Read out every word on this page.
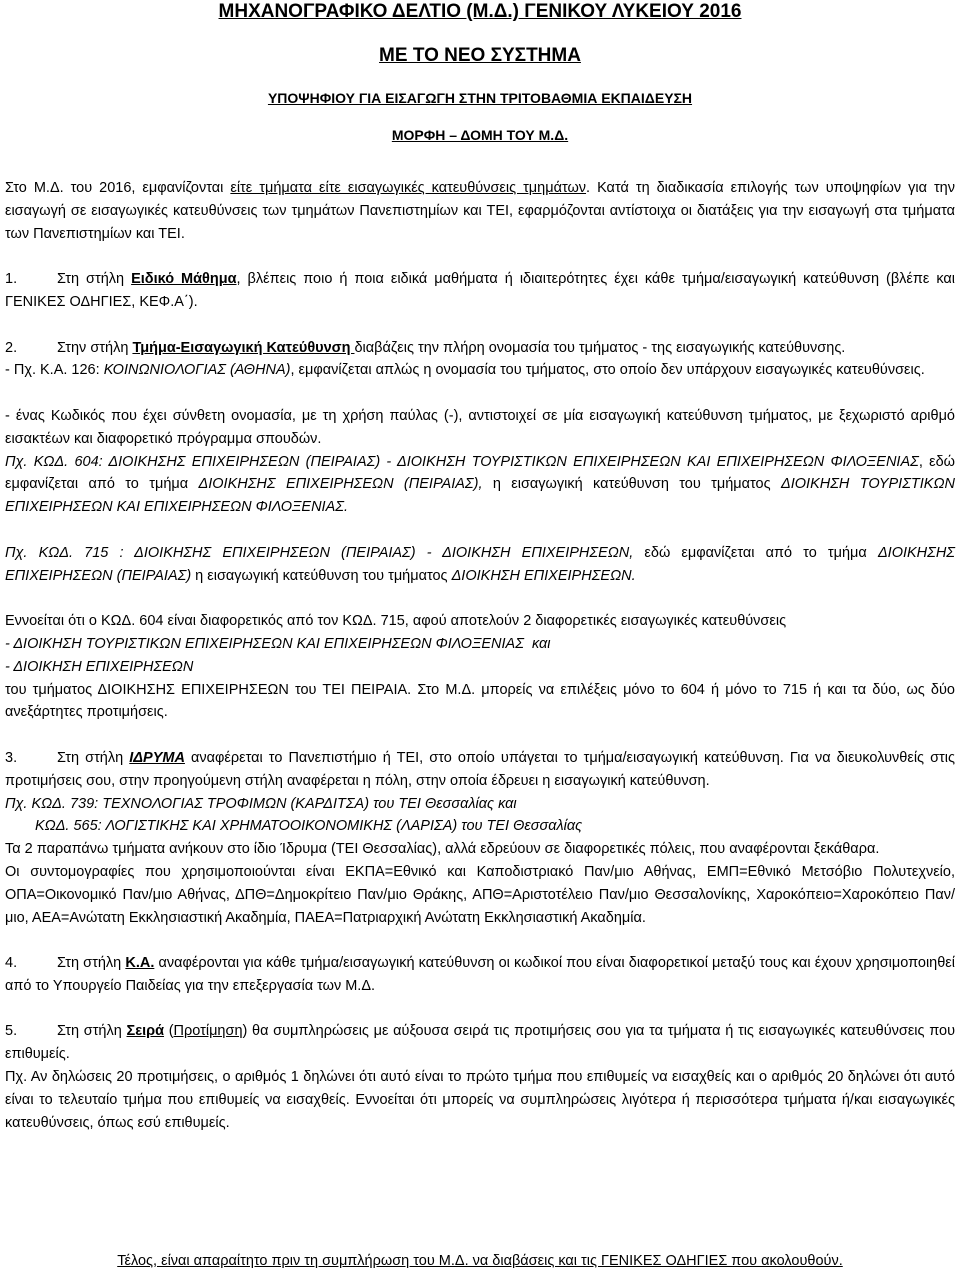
ΜΗΧΑΝΟΓΡΑΦΙΚΟ ΔΕΛΤΙΟ (Μ.Δ.) ΓΕΝΙΚΟΥ ΛΥΚΕΙΟΥ 2016

ΜΕ ΤΟ ΝΕΟ ΣΥΣΤΗΜΑ

ΥΠΟΨΗΦΙΟΥ ΓΙΑ ΕΙΣΑΓΩΓΗ ΣΤΗΝ ΤΡΙΤΟΒΑΘΜΙΑ ΕΚΠΑΙΔΕΥΣΗ

ΜΟΡΦΗ – ΔΟΜΗ ΤΟΥ Μ.Δ.

Στο Μ.Δ. του 2016, εμφανίζονται είτε τμήματα είτε εισαγωγικές κατευθύνσεις τμημάτων. Κατά τη διαδικασία επιλογής των υποψηφίων για την εισαγωγή σε εισαγωγικές κατευθύνσεις των τμημάτων Πανεπιστημίων και ΤΕΙ, εφαρμόζονται αντίστοιχα οι διατάξεις για την εισαγωγή στα τμήματα των Πανεπιστημίων και ΤΕΙ.

1.	Στη στήλη Ειδικό Μάθημα, βλέπεις ποιο ή ποια ειδικά μαθήματα ή ιδιαιτερότητες έχει κάθε τμήμα/εισαγωγική κατεύθυνση (βλέπε και ΓΕΝΙΚΕΣ ΟΔΗΓΙΕΣ, ΚΕΦ.Α΄).

2.	Στην στήλη Τμήμα-Εισαγωγική Κατεύθυνση διαβάζεις την πλήρη ονομασία του τμήματος - της εισαγωγικής κατεύθυνσης.

- Πχ. Κ.Α. 126: ΚΟΙΝΩΝΙΟΛΟΓΙΑΣ (ΑΘΗΝΑ), εμφανίζεται απλώς η ονομασία του τμήματος, στο οποίο δεν υπάρχουν εισαγωγικές κατευθύνσεις.

- ένας Κωδικός που έχει σύνθετη ονομασία, με τη χρήση παύλας (-), αντιστοιχεί σε μία εισαγωγική κατεύθυνση τμήματος, με ξεχωριστό αριθμό εισακτέων και διαφορετικό πρόγραμμα σπουδών.

Πχ. ΚΩΔ. 604: ΔΙΟΙΚΗΣΗΣ ΕΠΙΧΕΙΡΗΣΕΩΝ (ΠΕΙΡΑΙΑΣ) - ΔΙΟΙΚΗΣΗ ΤΟΥΡΙΣΤΙΚΩΝ ΕΠΙΧΕΙΡΗΣΕΩΝ ΚΑΙ ΕΠΙΧΕΙΡΗΣΕΩΝ ΦΙΛΟΞΕΝΙΑΣ, εδώ εμφανίζεται από το τμήμα ΔΙΟΙΚΗΣΗΣ ΕΠΙΧΕΙΡΗΣΕΩΝ (ΠΕΙΡΑΙΑΣ), η εισαγωγική κατεύθυνση του τμήματος ΔΙΟΙΚΗΣΗ ΤΟΥΡΙΣΤΙΚΩΝ ΕΠΙΧΕΙΡΗΣΕΩΝ ΚΑΙ ΕΠΙΧΕΙΡΗΣΕΩΝ ΦΙΛΟΞΕΝΙΑΣ.

Πχ. ΚΩΔ. 715 : ΔΙΟΙΚΗΣΗΣ ΕΠΙΧΕΙΡΗΣΕΩΝ (ΠΕΙΡΑΙΑΣ) - ΔΙΟΙΚΗΣΗ ΕΠΙΧΕΙΡΗΣΕΩΝ, εδώ εμφανίζεται από το τμήμα ΔΙΟΙΚΗΣΗΣ ΕΠΙΧΕΙΡΗΣΕΩΝ (ΠΕΙΡΑΙΑΣ) η εισαγωγική κατεύθυνση του τμήματος ΔΙΟΙΚΗΣΗ ΕΠΙΧΕΙΡΗΣΕΩΝ.

Εννοείται ότι ο ΚΩΔ. 604 είναι διαφορετικός από τον ΚΩΔ. 715, αφού αποτελούν 2 διαφορετικές εισαγωγικές κατευθύνσεις

- ΔΙΟΙΚΗΣΗ ΤΟΥΡΙΣΤΙΚΩΝ ΕΠΙΧΕΙΡΗΣΕΩΝ ΚΑΙ ΕΠΙΧΕΙΡΗΣΕΩΝ ΦΙΛΟΞΕΝΙΑΣ  και

- ΔΙΟΙΚΗΣΗ ΕΠΙΧΕΙΡΗΣΕΩΝ

του τμήματος ΔΙΟΙΚΗΣΗΣ ΕΠΙΧΕΙΡΗΣΕΩΝ του ΤΕΙ ΠΕΙΡΑΙΑ. Στο Μ.Δ. μπορείς να επιλέξεις μόνο το 604 ή μόνο το 715 ή και τα δύο, ως δύο ανεξάρτητες προτιμήσεις.

3.	Στη στήλη ΙΔΡΥΜΑ αναφέρεται το Πανεπιστήμιο ή ΤΕΙ, στο οποίο υπάγεται το τμήμα/εισαγωγική κατεύθυνση. Για να διευκολυνθείς στις προτιμήσεις σου, στην προηγούμενη στήλη αναφέρεται η πόλη, στην οποία έδρευει η εισαγωγική κατεύθυνση.

Πχ. ΚΩΔ. 739: ΤΕΧΝΟΛΟΓΙΑΣ ΤΡΟΦΙΜΩΝ (ΚΑΡΔΙΤΣΑ) του ΤΕΙ Θεσσαλίας και

ΚΩΔ. 565: ΛΟΓΙΣΤΙΚΗΣ ΚΑΙ ΧΡΗΜΑΤΟΟΙΚΟΝΟΜΙΚΗΣ (ΛΑΡΙΣΑ) του ΤΕΙ Θεσσαλίας

Τα 2 παραπάνω τμήματα ανήκουν στο ίδιο Ίδρυμα (ΤΕΙ Θεσσαλίας), αλλά εδρεύουν σε διαφορετικές πόλεις, που αναφέρονται ξεκάθαρα.

Οι συντομογραφίες που χρησιμοποιούνται είναι ΕΚΠΑ=Εθνικό και Καποδιστριακό Παν/μιο Αθήνας, ΕΜΠ=Εθνικό Μετσόβιο Πολυτεχνείο, ΟΠΑ=Οικονομικό Παν/μιο Αθήνας, ΔΠΘ=Δημοκρίτειο Παν/μιο Θράκης, ΑΠΘ=Αριστοτέλειο Παν/μιο Θεσσαλονίκης, Χαροκόπειο=Χαροκόπειο Παν/μιο, ΑΕΑ=Ανώτατη Εκκλησιαστική Ακαδημία, ΠΑΕΑ=Πατριαρχική Ανώτατη Εκκλησιαστική Ακαδημία.

4.	Στη στήλη Κ.Α. αναφέρονται για κάθε τμήμα/εισαγωγική κατεύθυνση οι κωδικοί που είναι διαφορετικοί μεταξύ τους και έχουν χρησιμοποιηθεί από το Υπουργείο Παιδείας για την επεξεργασία των Μ.Δ.

5.	Στη στήλη Σειρά (Προτίμηση) θα συμπληρώσεις με αύξουσα σειρά τις προτιμήσεις σου για τα τμήματα ή τις εισαγωγικές κατευθύνσεις που επιθυμείς.

Πχ. Αν δηλώσεις 20 προτιμήσεις, ο αριθμός 1 δηλώνει ότι αυτό είναι το πρώτο τμήμα που επιθυμείς να εισαχθείς και ο αριθμός 20 δηλώνει ότι αυτό είναι το τελευταίο τμήμα που επιθυμείς να εισαχθείς. Εννοείται ότι μπορείς να συμπληρώσεις λιγότερα ή περισσότερα τμήματα ή/και εισαγωγικές κατευθύνσεις, όπως εσύ επιθυμείς.

Τέλος, είναι απαραίτητο πριν τη συμπλήρωση του Μ.Δ. να διαβάσεις και τις ΓΕΝΙΚΕΣ ΟΔΗΓΙΕΣ που ακολουθούν.
